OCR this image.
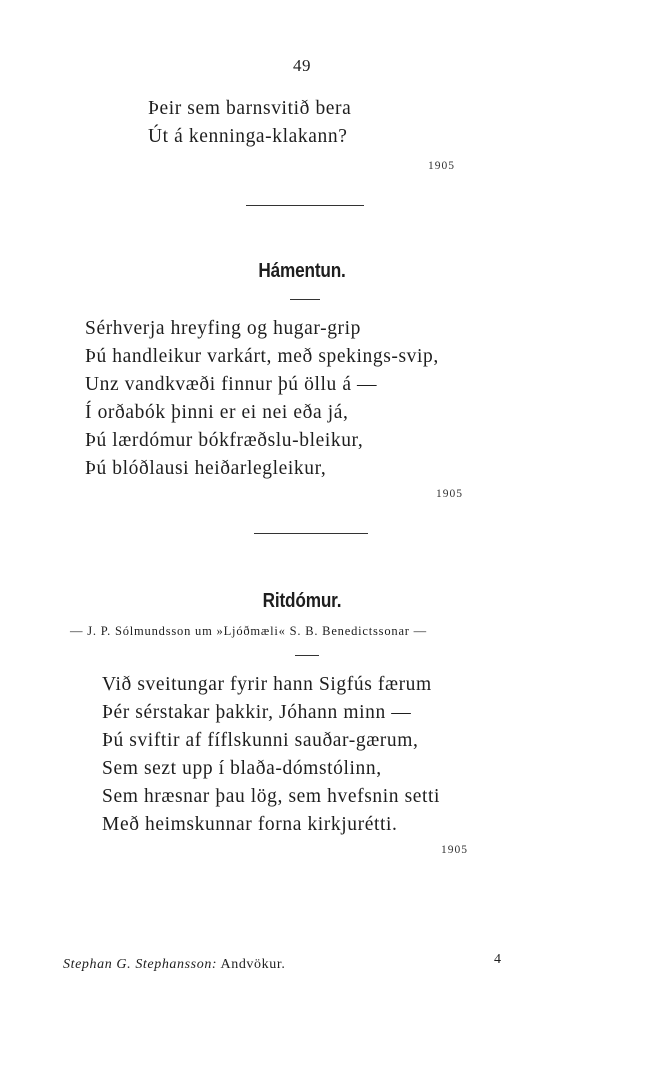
49
Þeir sem barnsvitið bera
Út á kenninga-klakann?
1905
Hámentun.
Sérhverja hreyfing og hugar-grip
Þú handleikur varkárt, með spekings-svip,
Unz vandkvæði finnur þú öllu á —
Í orðabók þinni er ei nei eða já,
Þú lærdómur bókfræðslu-bleikur,
Þú blóðlausi heiðarlegleikur,
1905
Ritdómur.
— J. P. Sólmundsson um »Ljóðmæli« S. B. Benedictssonar —
Við sveitungar fyrir hann Sigfús færum
Þér sérstakar þakkir, Jóhann minn —
Þú sviftir af fíflskunni sauðar-gærum,
Sem sezt upp í blaða-dómstólinn,
Sem hræsnar þau lög, sem hvefsnin setti
Með heimskunnar forna kirkjurétti.
1905
Stephan G. Stephansson: Andvökur.	4
